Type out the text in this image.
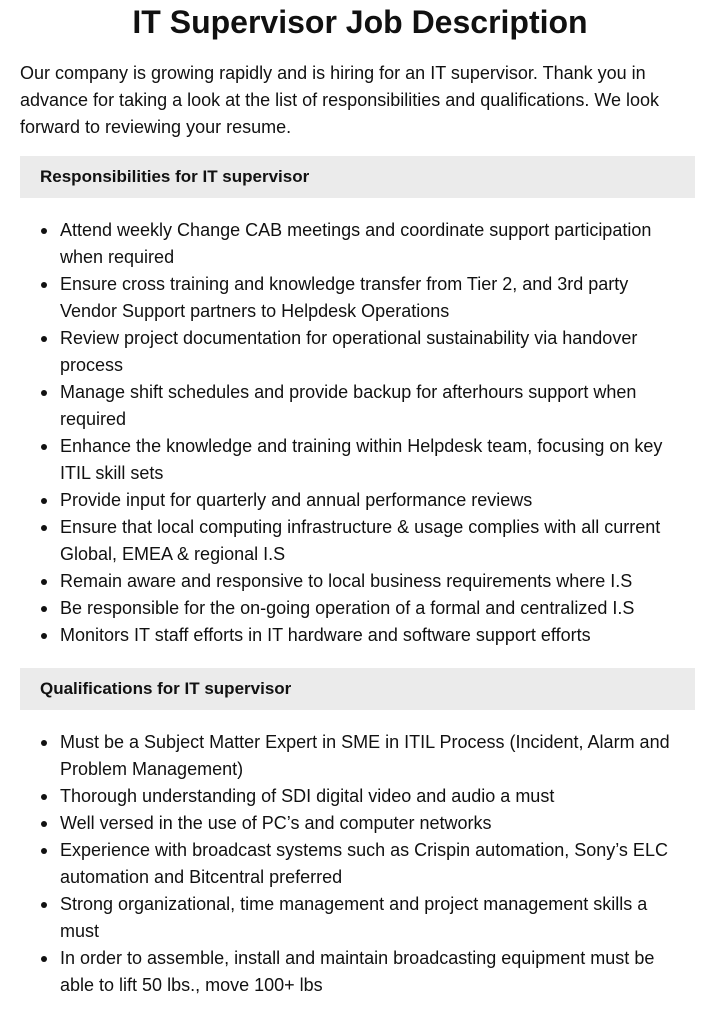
IT Supervisor Job Description

Our company is growing rapidly and is hiring for an IT supervisor. Thank you in advance for taking a look at the list of responsibilities and qualifications. We look forward to reviewing your resume.

Responsibilities for IT supervisor
Attend weekly Change CAB meetings and coordinate support participation when required
Ensure cross training and knowledge transfer from Tier 2, and 3rd party Vendor Support partners to Helpdesk Operations
Review project documentation for operational sustainability via handover process
Manage shift schedules and provide backup for afterhours support when required
Enhance the knowledge and training within Helpdesk team, focusing on key ITIL skill sets
Provide input for quarterly and annual performance reviews
Ensure that local computing infrastructure & usage complies with all current Global, EMEA & regional I.S
Remain aware and responsive to local business requirements where I.S
Be responsible for the on-going operation of a formal and centralized I.S
Monitors IT staff efforts in IT hardware and software support efforts
Qualifications for IT supervisor
Must be a Subject Matter Expert in SME in ITIL Process (Incident, Alarm and Problem Management)
Thorough understanding of SDI digital video and audio a must
Well versed in the use of PC’s and computer networks
Experience with broadcast systems such as Crispin automation, Sony’s ELC automation and Bitcentral preferred
Strong organizational, time management and project management skills a must
In order to assemble, install and maintain broadcasting equipment must be able to lift 50 lbs., move 100+ lbs
